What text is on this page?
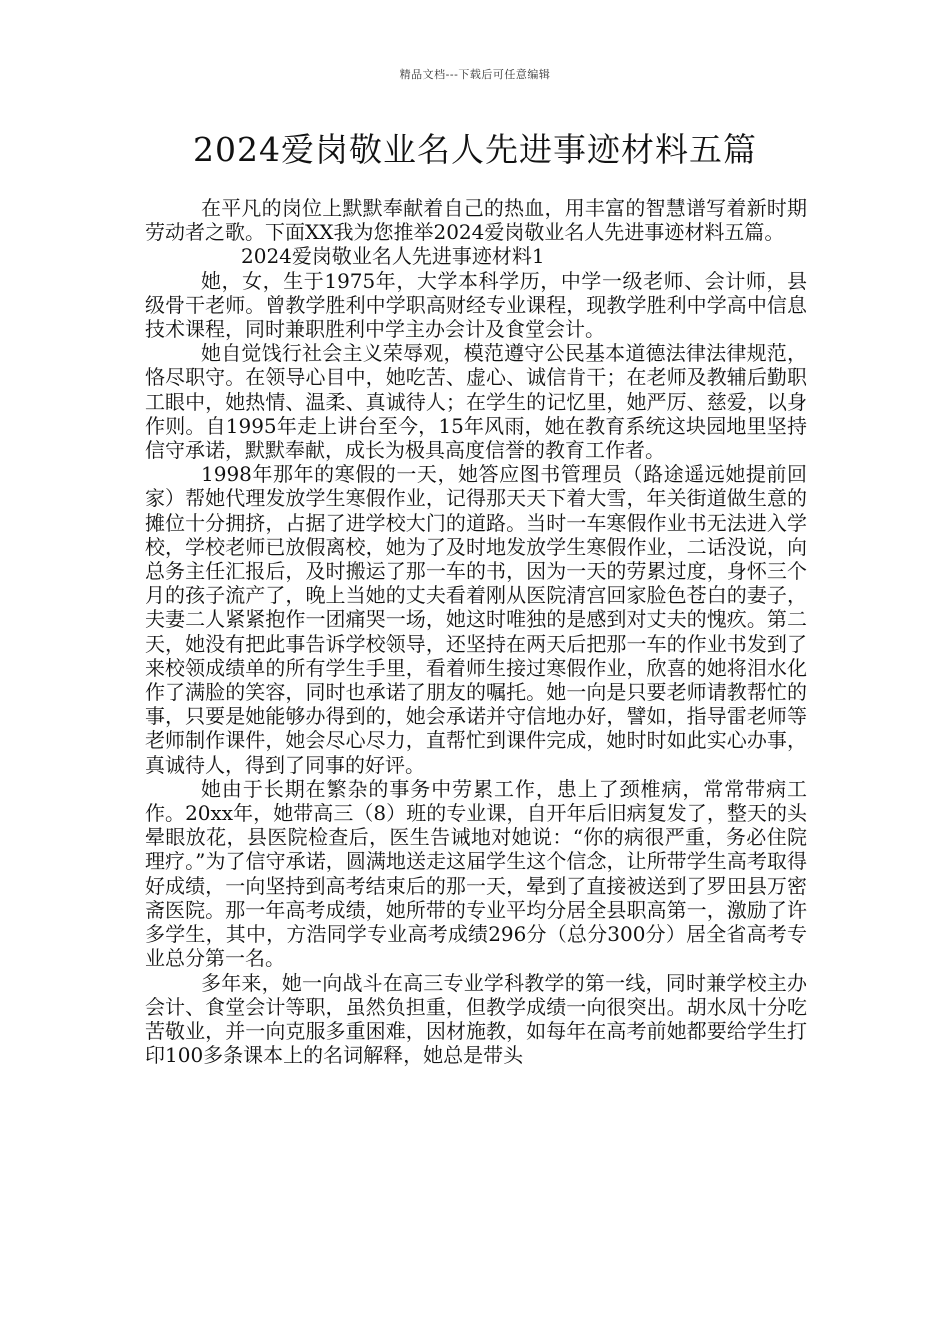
精品文档---下载后可任意编辑
2024爱岗敬业名人先进事迹材料五篇

在平凡的岗位上默默奉献着自己的热血，用丰富的智慧谱写着新时期劳动者之歌。下面XX我为您推举2024爱岗敬业名人先进事迹材料五篇。

2024爱岗敬业名人先进事迹材料1

她，女，生于1975年，大学本科学历，中学一级老师、会计师，县级骨干老师。曾教学胜利中学职高财经专业课程，现教学胜利中学高中信息技术课程，同时兼职胜利中学主办会计及食堂会计。

她自觉饯行社会主义荣辱观，模范遵守公民基本道德法律法律规范，恪尽职守。在领导心目中，她吃苦、虚心、诚信肯干；在老师及教辅后勤职工眼中，她热情、温柔、真诚待人；在学生的记忆里，她严厉、慈爱，以身作则。自1995年走上讲台至今，15年风雨，她在教育系统这块园地里坚持信守承诺，默默奉献，成长为极具高度信誉的教育工作者。

1998年那年的寒假的一天，她答应图书管理员（路途遥远她提前回家）帮她代理发放学生寒假作业，记得那天天下着大雪，年关街道做生意的摊位十分拥挤，占据了进学校大门的道路。当时一车寒假作业书无法进入学校，学校老师已放假离校，她为了及时地发放学生寒假作业，二话没说，向总务主任汇报后，及时搬运了那一车的书，因为一天的劳累过度，身怀三个月的孩子流产了，晚上当她的丈夫看着刚从医院清宫回家脸色苍白的妻子，夫妻二人紧紧抱作一团痛哭一场，她这时唯独的是感到对丈夫的愧疚。第二天，她没有把此事告诉学校领导，还坚持在两天后把那一车的作业书发到了来校领成绩单的所有学生手里，看着师生接过寒假作业，欣喜的她将泪水化作了满脸的笑容，同时也承诺了朋友的嘱托。她一向是只要老师请教帮忙的事，只要是她能够办得到的，她会承诺并守信地办好，譬如，指导雷老师等老师制作课件，她会尽心尽力，直帮忙到课件完成，她时时如此实心办事，真诚待人，得到了同事的好评。

她由于长期在繁杂的事务中劳累工作，患上了颈椎病，常常带病工作。20xx年，她带高三（8）班的专业课，自开年后旧病复发了，整天的头晕眼放花，县医院检查后，医生告诫地对她说：“你的病很严重，务必住院理疗。”为了信守承诺，圆满地送走这届学生这个信念，让所带学生高考取得好成绩，一向坚持到高考结束后的那一天，晕到了直接被送到了罗田县万密斋医院。那一年高考成绩，她所带的专业平均分居全县职高第一，激励了许多学生，其中，方浩同学专业高考成绩296分（总分300分）居全省高考专业总分第一名。

多年来，她一向战斗在高三专业学科教学的第一线，同时兼学校主办会计、食堂会计等职，虽然负担重，但教学成绩一向很突出。胡水凤十分吃苦敬业，并一向克服多重困难，因材施教，如每年在高考前她都要给学生打印100多条课本上的名词解释，她总是带头
